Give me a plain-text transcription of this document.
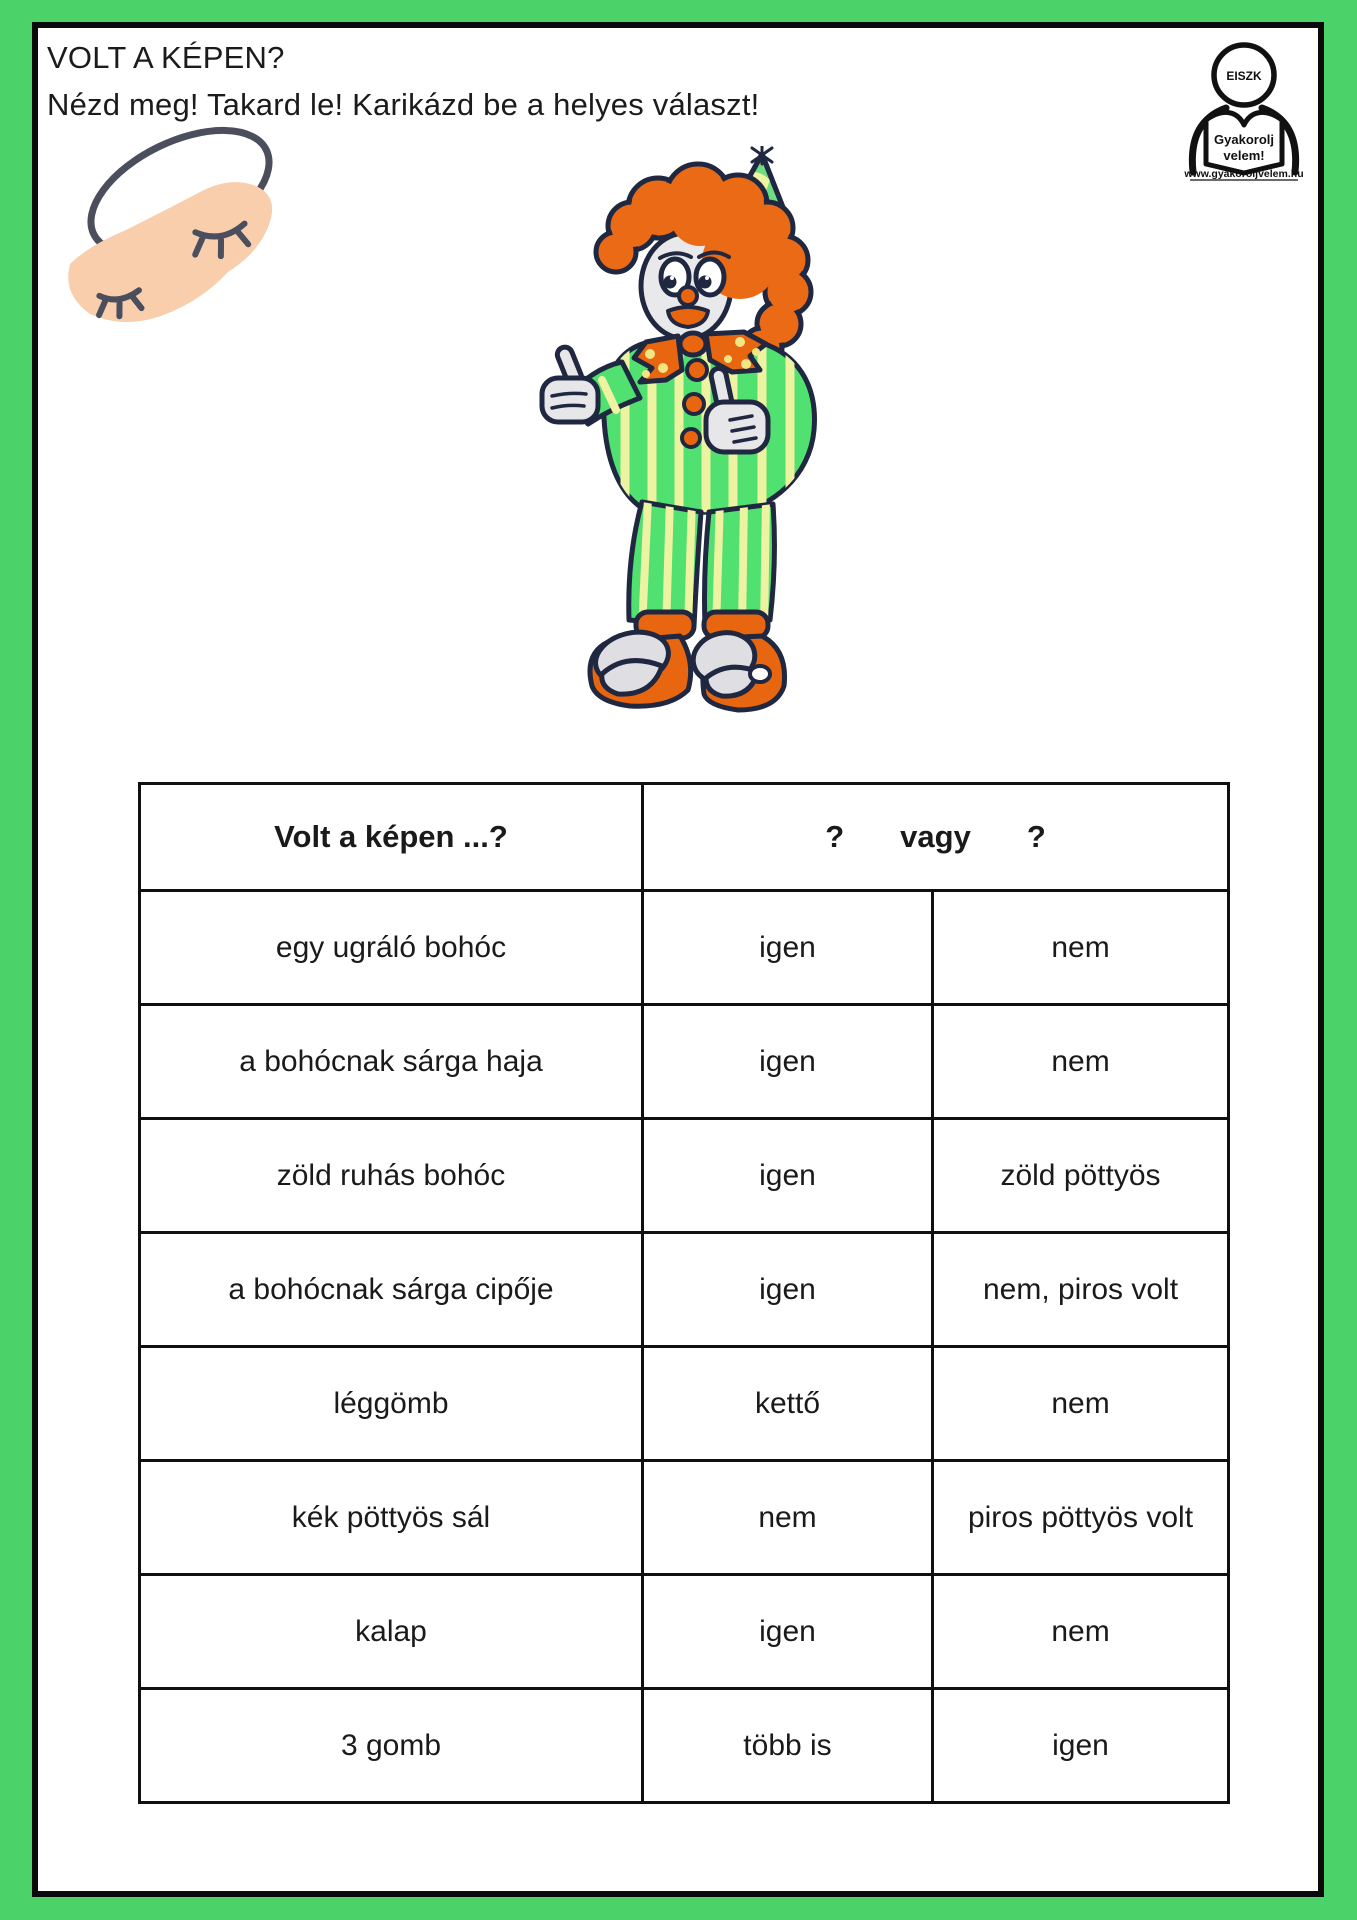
VOLT A KÉPEN?
Nézd meg! Takard le! Karikázd be a helyes választ!
EISZK
Gyakorolj
velem!
www.gyakoroljvelem.hu
Volt a képen ...?	? vagy ?	

egy ugráló bohóc	igen	nem
a bohócnak sárga haja	igen	nem
zöld ruhás bohóc	igen	zöld pöttyös
a bohócnak sárga cipője	igen	nem, piros volt
léggömb	kettő	nem
kék pöttyös sál	nem	piros pöttyös volt
kalap	igen	nem
3 gomb	több is	igen
